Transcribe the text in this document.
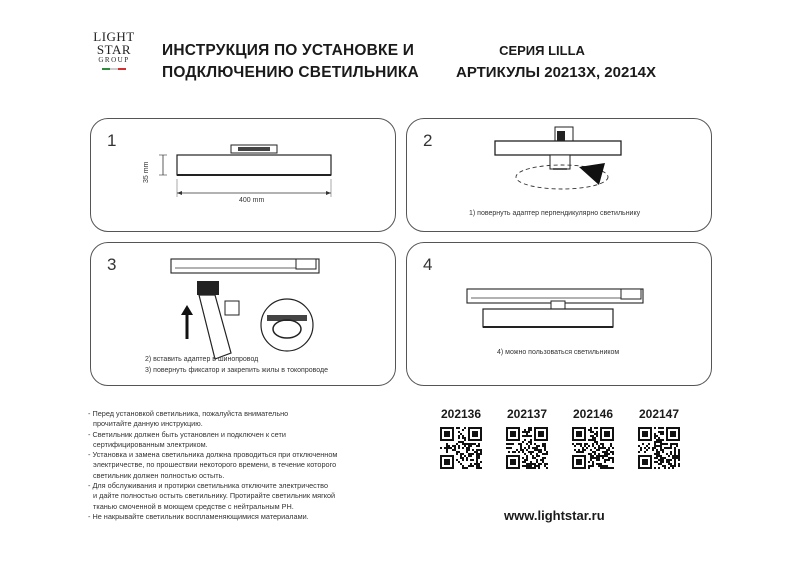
LIGHT
STAR
GROUP
ИНСТРУКЦИЯ ПО УСТАНОВКЕ И
ПОДКЛЮЧЕНИЮ СВЕТИЛЬНИКА
СЕРИЯ LILLA
АРТИКУЛЫ 20213X, 20214X
1
35 mm
400 mm
2
1) повернуть адаптер перпендикулярно светильнику
3
2) вставить адаптер в шинопровод
3) повернуть фиксатор и закрепить жилы в токопроводе
4
4) можно пользоваться светильником

- Перед установкой светильника, пожалуйста внимательно

прочитайте данную инструкцию.

- Светильник должен быть установлен и подключен к сети

сертифицированным электриком.

- Установка и замена светильника должна проводиться при отключенном

электричестве, по прошествии некоторого времени, в течение которого

светильник должен полностью остыть.

- Для обслуживания и протирки светильника отключите электричество

и дайте полностью остыть светильнику. Протирайте светильник мягкой

тканью смоченной в моющем средстве с нейтральным PH.

- Не накрывайте светильник воспламеняющимися материалами.

202136	202137	202146	202147
www.lightstar.ru
